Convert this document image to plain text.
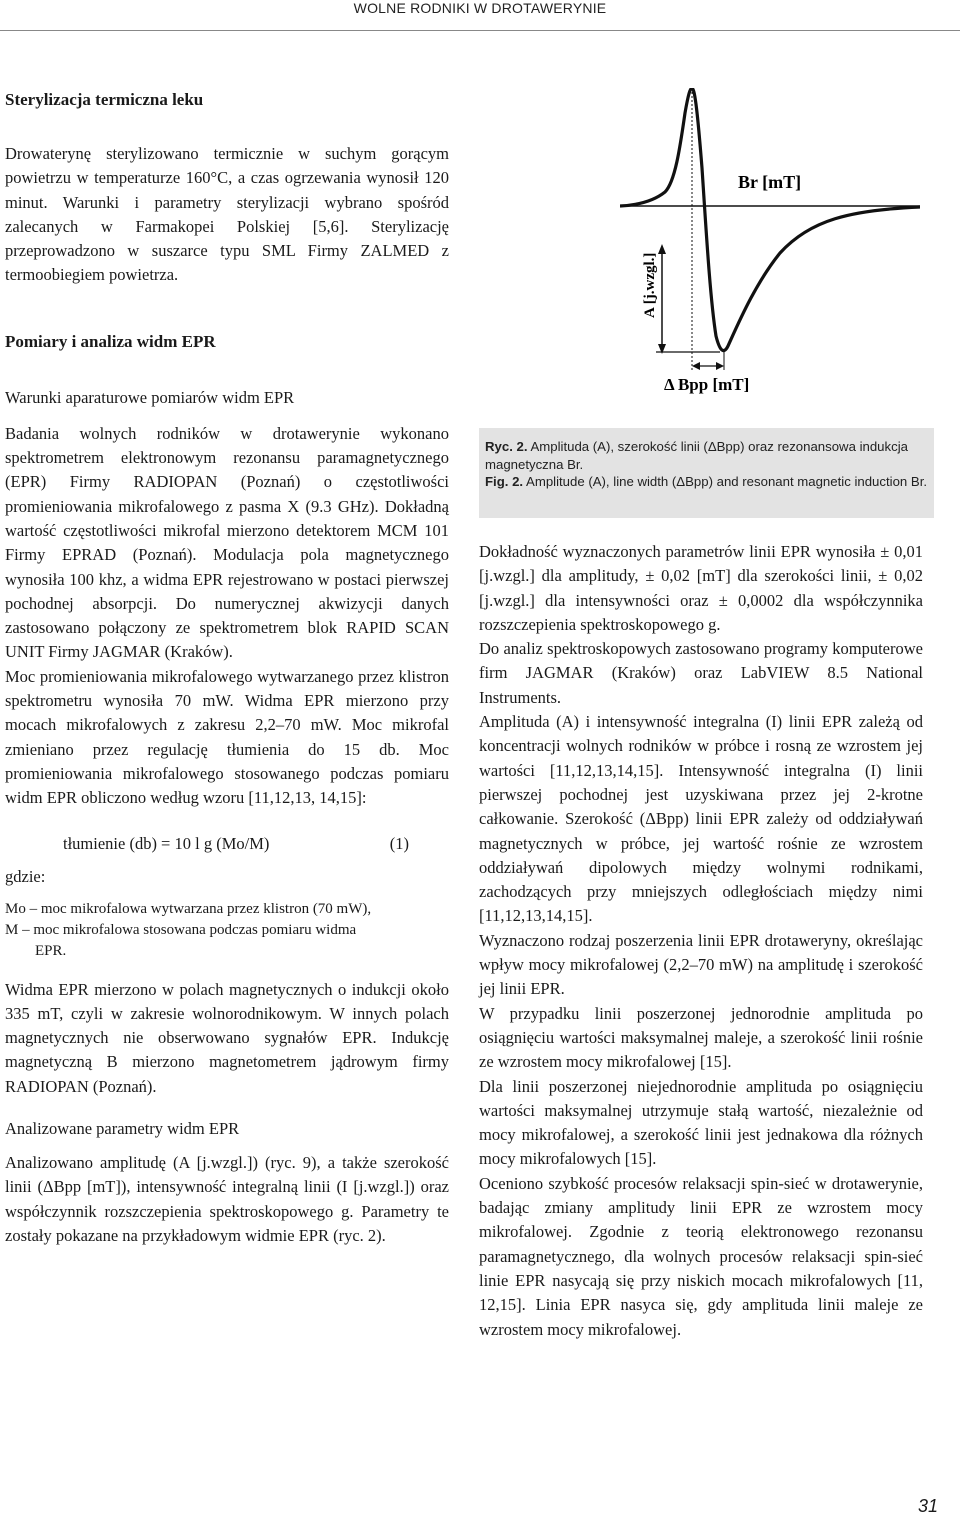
WOLNE RODNIKI W DROTAWERYNIE
Sterylizacja termiczna leku

Drowaterynę sterylizowano termicznie w suchym gorącym powietrzu w temperaturze 160°C, a czas ogrzewania wynosił 120 minut. Warunki i parametry sterylizacji wybrano spośród zalecanych w Farmakopei Polskiej [5,6]. Sterylizację przeprowadzono w suszarce typu SML Firmy ZALMED z termoobiegiem powietrza.

Pomiary i analiza widm EPR
Warunki aparaturowe pomiarów widm EPR

Badania wolnych rodników w drotawerynie wykonano spektrometrem elektronowym rezonansu paramagnetycznego (EPR) Firmy RADIOPAN (Poznań) o częstotliwości promieniowania mikrofalowego z pasma X (9.3 GHz). Dokładną wartość częstotliwości mikrofal mierzono detektorem MCM 101 Firmy EPRAD (Poznań). Modulacja pola magnetycznego wynosiła 100 khz, a widma EPR rejestrowano w postaci pierwszej pochodnej absorpcji. Do numerycznej akwizycji danych zastosowano połączony ze spektrometrem blok RAPID SCAN UNIT Firmy JAGMAR (Kraków).

Moc promieniowania mikrofalowego wytwarzanego przez klistron spektrometru wynosiła 70 mW. Widma EPR mierzono przy mocach mikrofalowych z zakresu 2,2–70 mW. Moc mikrofal zmieniano przez regulację tłumienia do 15 db. Moc promieniowania mikrofalowego stosowanego podczas pomiaru widm EPR obliczono według wzoru [11,12,13, 14,15]:

tłumienie (db) = 10 l g (Mo/M)	(1)
gdzie:
Mo – moc mikrofalowa wytwarzana przez klistron (70 mW),
M – moc mikrofalowa stosowana podczas pomiaru widma
EPR.

Widma EPR mierzono w polach magnetycznych o indukcji około 335 mT, czyli w zakresie wolnorodnikowym. W innych polach magnetycznych nie obserwowano sygnałów EPR. Indukcję magnetyczną B mierzono magnetometrem jądrowym firmy RADIOPAN (Poznań).

Analizowane parametry widm EPR

Analizowano amplitudę (A [j.wzgl.]) (ryc. 9), a także szerokość linii (ΔBpp [mT]), intensywność integralną linii (I [j.wzgl.]) oraz współczynnik rozszczepienia spektroskopowego g. Parametry te zostały pokazane na przykładowym widmie EPR (ryc. 2).

Br [mT]
A [j.wzgl.]
Δ Bpp [mT]
Ryc. 2. Amplituda (A), szerokość linii (ΔBpp) oraz rezonansowa indukcja magnetyczna Br.
Fig. 2. Amplitude (A), line width (ΔBpp) and resonant magnetic induction Br.

Dokładność wyznaczonych parametrów linii EPR wynosiła ± 0,01 [j.wzgl.] dla amplitudy, ± 0,02 [mT] dla szerokości linii, ± 0,02 [j.wzgl.] dla intensywności oraz ± 0,0002 dla współczynnika rozszczepienia spektroskopowego g.

Do analiz spektroskopowych zastosowano programy komputerowe firm JAGMAR (Kraków) oraz LabVIEW 8.5 National Instruments.

Amplituda (A) i intensywność integralna (I) linii EPR zależą od koncentracji wolnych rodników w próbce i rosną ze wzrostem jej wartości [11,12,13,14,15]. Intensywność integralna (I) linii pierwszej pochodnej jest uzyskiwana przez jej 2-krotne całkowanie. Szerokość (ΔBpp) linii EPR zależy od oddziaływań magnetycznych w próbce, jej wartość rośnie ze wzrostem oddziaływań dipolowych między wolnymi rodnikami, zachodzących przy mniejszych odległościach między nimi [11,12,13,14,15].

Wyznaczono rodzaj poszerzenia linii EPR drotaweryny, określając wpływ mocy mikrofalowej (2,2–70 mW) na amplitudę i szerokość jej linii EPR.

W przypadku linii poszerzonej jednorodnie amplituda po osiągnięciu wartości maksymalnej maleje, a szerokość linii rośnie ze wzrostem mocy mikrofalowej [15].

Dla linii poszerzonej niejednorodnie amplituda po osiągnięciu wartości maksymalnej utrzymuje stałą wartość, niezależnie od mocy mikrofalowej, a szerokość linii jest jednakowa dla różnych mocy mikrofalowych [15].

Oceniono szybkość procesów relaksacji spin-sieć w drotawerynie, badając zmiany amplitudy linii EPR ze wzrostem mocy mikrofalowej. Zgodnie z teorią elektronowego rezonansu paramagnetycznego, dla wolnych procesów relaksacji spin-sieć linie EPR nasycają się przy niskich mocach mikrofalowych [11, 12,15]. Linia EPR nasyca się, gdy amplituda linii maleje ze wzrostem mocy mikrofalowej.

31
